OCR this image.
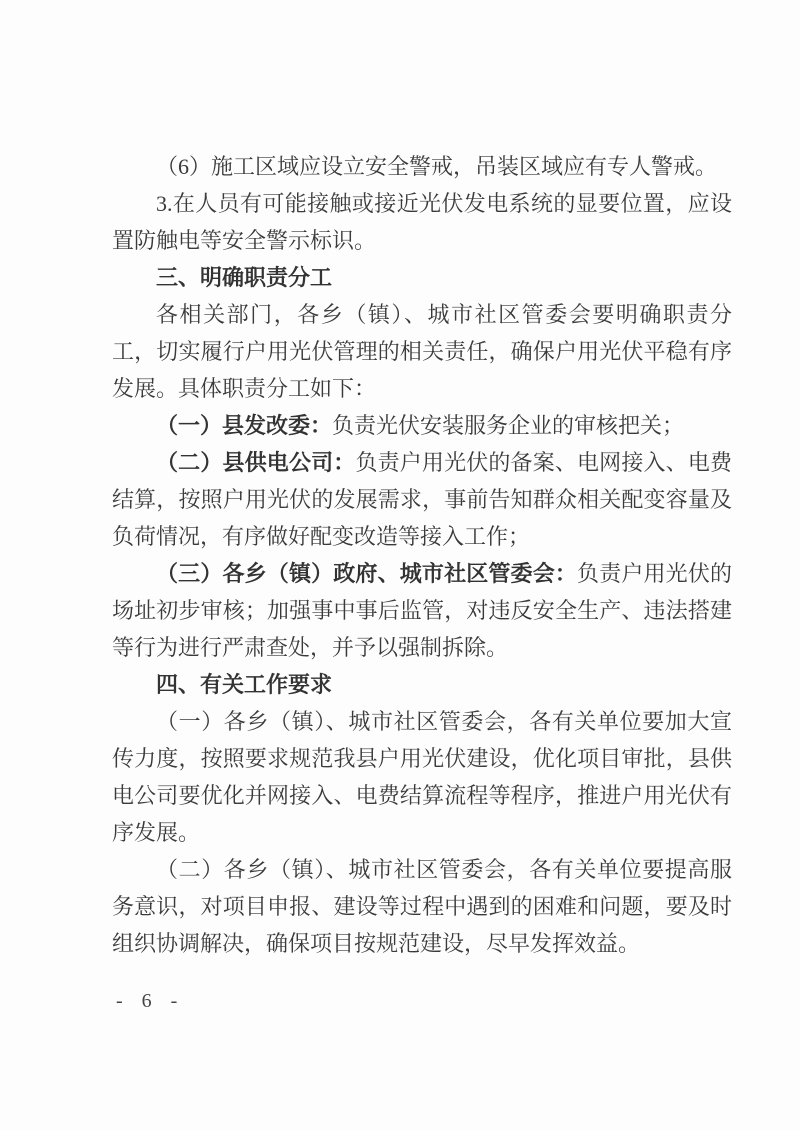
（6）施工区域应设立安全警戒，吊装区域应有专人警戒。

3.在人员有可能接触或接近光伏发电系统的显要位置，应设置防触电等安全警示标识。

三、明确职责分工

各相关部门，各乡（镇）、城市社区管委会要明确职责分工，切实履行户用光伏管理的相关责任，确保户用光伏平稳有序发展。具体职责分工如下：

（一）县发改委：负责光伏安装服务企业的审核把关；

（二）县供电公司：负责户用光伏的备案、电网接入、电费结算，按照户用光伏的发展需求，事前告知群众相关配变容量及负荷情况，有序做好配变改造等接入工作；

（三）各乡（镇）政府、城市社区管委会：负责户用光伏的场址初步审核；加强事中事后监管，对违反安全生产、违法搭建等行为进行严肃查处，并予以强制拆除。

四、有关工作要求

（一）各乡（镇）、城市社区管委会，各有关单位要加大宣传力度，按照要求规范我县户用光伏建设，优化项目审批，县供电公司要优化并网接入、电费结算流程等程序，推进户用光伏有序发展。

（二）各乡（镇）、城市社区管委会，各有关单位要提高服务意识，对项目申报、建设等过程中遇到的困难和问题，要及时组织协调解决，确保项目按规范建设，尽早发挥效益。

- 6 -
